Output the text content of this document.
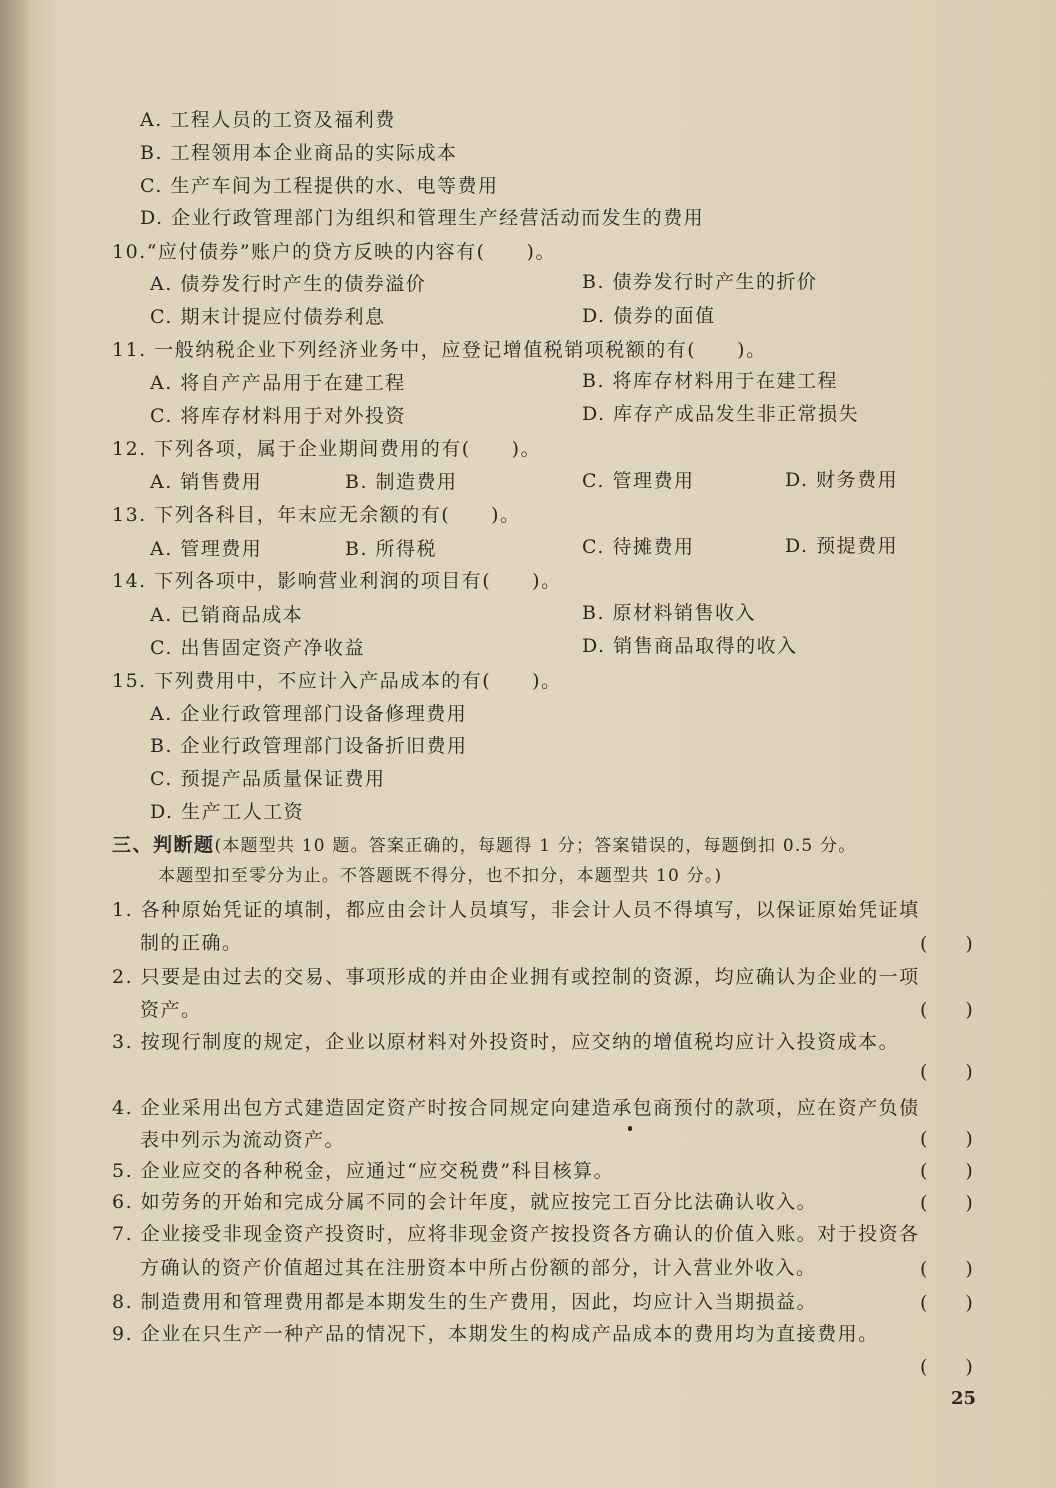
A. 工程人员的工资及福利费
B. 工程领用本企业商品的实际成本
C. 生产车间为工程提供的水、电等费用
D. 企业行政管理部门为组织和管理生产经营活动而发生的费用
10.“应付债券”账户的贷方反映的内容有(　　)。
A. 债券发行时产生的债券溢价	B. 债券发行时产生的折价
C. 期末计提应付债券利息	D. 债券的面值
11. 一般纳税企业下列经济业务中，应登记增值税销项税额的有(　　)。
A. 将自产产品用于在建工程	B. 将库存材料用于在建工程
C. 将库存材料用于对外投资	D. 库存产成品发生非正常损失
12. 下列各项，属于企业期间费用的有(　　)。
A. 销售费用	B. 制造费用	C. 管理费用	D. 财务费用
13. 下列各科目，年末应无余额的有(　　)。
A. 管理费用	B. 所得税	C. 待摊费用	D. 预提费用
14. 下列各项中，影响营业利润的项目有(　　)。
A. 已销商品成本	B. 原材料销售收入
C. 出售固定资产净收益	D. 销售商品取得的收入
15. 下列费用中，不应计入产品成本的有(　　)。
A. 企业行政管理部门设备修理费用
B. 企业行政管理部门设备折旧费用
C. 预提产品质量保证费用
D. 生产工人工资
三、判断题(本题型共 10 题。答案正确的，每题得 1 分；答案错误的，每题倒扣 0.5 分。
本题型扣至零分为止。不答题既不得分，也不扣分，本题型共 10 分。)
1. 各种原始凭证的填制，都应由会计人员填写，非会计人员不得填写，以保证原始凭证填
制的正确。	(　　)
2. 只要是由过去的交易、事项形成的并由企业拥有或控制的资源，均应确认为企业的一项
资产。	(　　)
3. 按现行制度的规定，企业以原材料对外投资时，应交纳的增值税均应计入投资成本。
(　　)
4. 企业采用出包方式建造固定资产时按合同规定向建造承包商预付的款项，应在资产负债
表中列示为流动资产。	(　　)
5. 企业应交的各种税金，应通过“应交税费”科目核算。	(　　)
6. 如劳务的开始和完成分属不同的会计年度，就应按完工百分比法确认收入。	(　　)
7. 企业接受非现金资产投资时，应将非现金资产按投资各方确认的价值入账。对于投资各
方确认的资产价值超过其在注册资本中所占份额的部分，计入营业外收入。	(　　)
8. 制造费用和管理费用都是本期发生的生产费用，因此，均应计入当期损益。	(　　)
9. 企业在只生产一种产品的情况下，本期发生的构成产品成本的费用均为直接费用。
(　　)
25
